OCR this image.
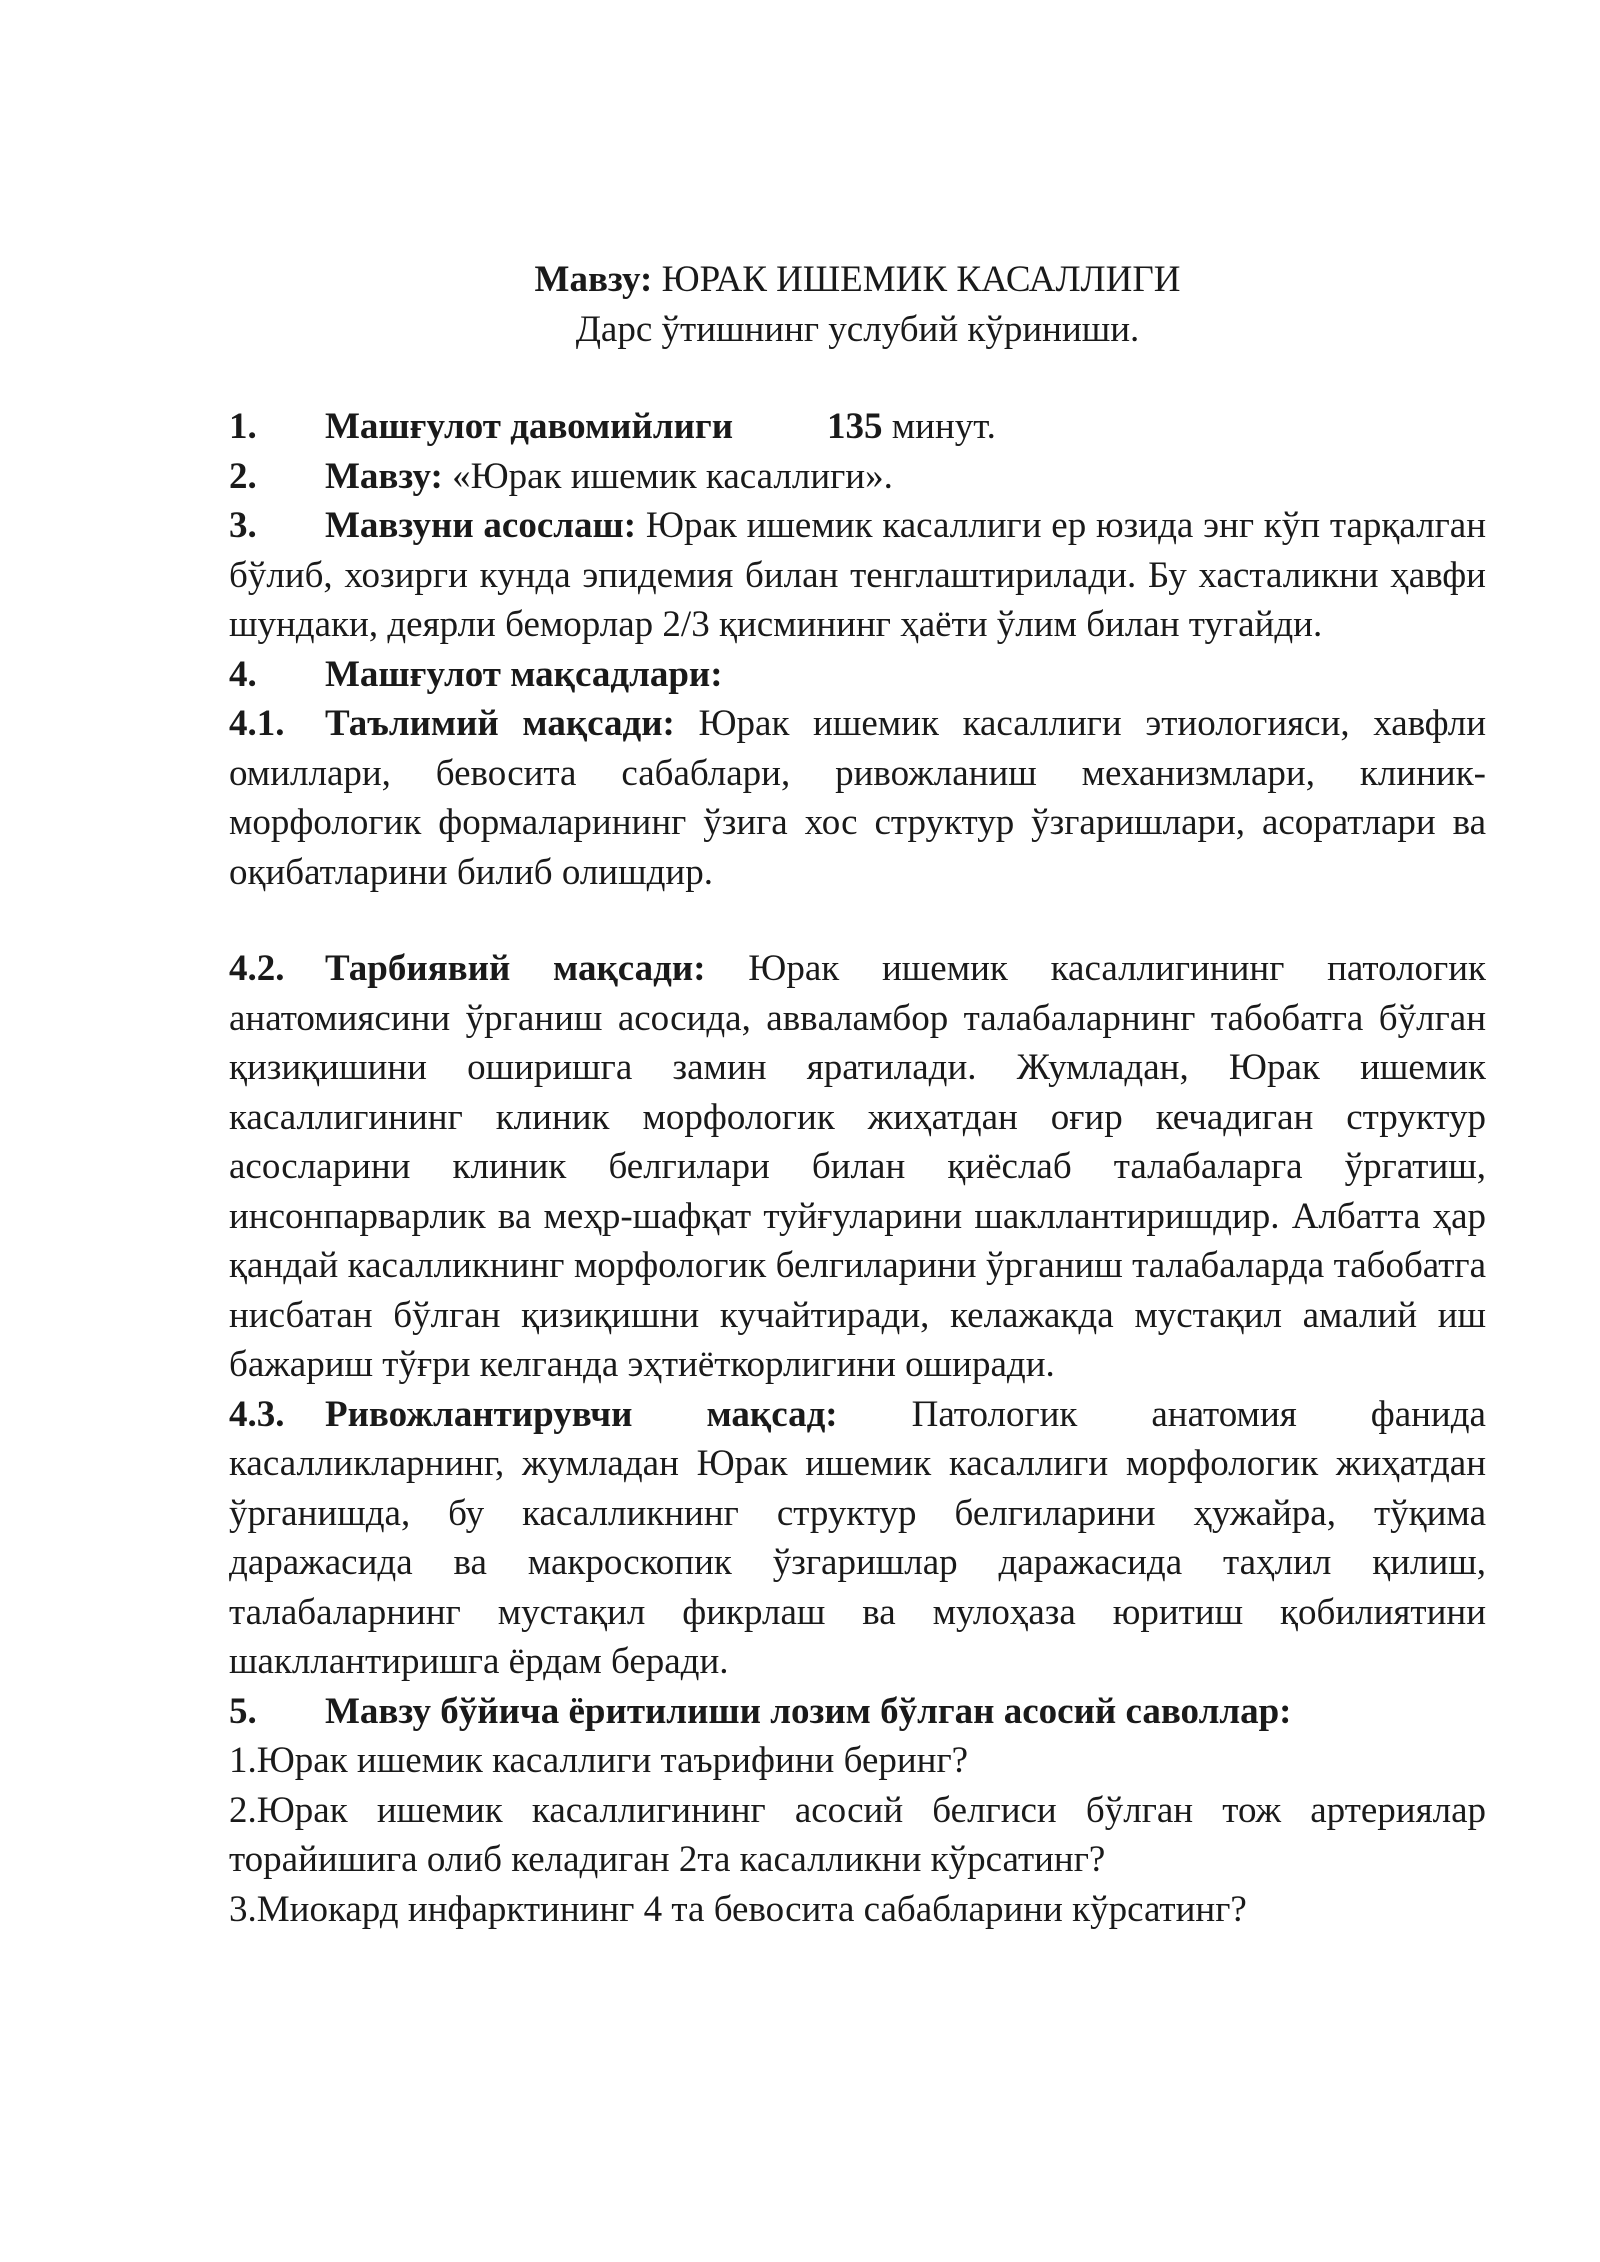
Мавзу: ЮРАК ИШЕМИК КАСАЛЛИГИ
Дарс ўтишнинг услубий кўриниши.
1.	Машғулот давомийлиги	135 минут.
2.	Мавзу: «Юрак ишемик касаллиги».
3. Мавзуни асослаш: Юрак ишемик касаллиги ер юзида энг кўп тарқалган бўлиб, хозирги кунда эпидемия билан тенглаштирилади. Бу хасталикни ҳавфи шундаки, деярли беморлар 2/3 қисмининг ҳаёти ўлим билан тугайди.
4.	Машғулот мақсадлари:
4.1. Таълимий мақсади: Юрак ишемик касаллиги этиологияси, хавфли омиллари, бевосита сабаблари, ривожланиш механизмлари, клиник-морфологик формаларининг ўзига хос структур ўзгаришлари, асоратлари ва оқибатларини билиб олишдир.
4.2. Тарбиявий мақсади: Юрак ишемик касаллигининг патологик анатомиясини ўрганиш асосида, аввaламбор талабаларнинг табобатга бўлган қизиқишини оширишга замин яратилади. Жумладан, Юрак ишемик касаллигининг клиник морфологик жиҳатдан оғир кечадиган структур асосларини клиник белгилари билан қиёслаб талабаларга ўргатиш, инсонпарварлик ва меҳр-шафқат туйғуларини шакллантиришдир. Албатта ҳар қандай касалликнинг морфологик белгиларини ўрганиш талабаларда табобатга нисбатан бўлган қизиқишни кучайтиради, келажакда мустақил амалий иш бажариш тўғри келганда эҳтиёткорлигини оширади.
4.3. Ривожлантирувчи мақсад: Патологик анатомия фанида касалликларнинг, жумладан Юрак ишемик касаллиги морфологик жиҳатдан ўрганишда, бу касалликнинг структур белгиларини ҳужайра, тўқима даражасида ва макроскопик ўзгаришлар даражасида таҳлил қилиш, талабаларнинг мустақил фикрлаш ва мулоҳаза юритиш қобилиятини шакллантиришга ёрдам беради.
5.	Мавзу бўйича ёритилиши лозим бўлган асосий саволлар:
1.Юрак ишемик касаллиги таърифини беринг?
2.Юрак ишемик касаллигининг асосий белгиси бўлган тож артериялар торайишига олиб келадиган 2та касалликни кўрсатинг?
3.Миокард инфарктининг 4 та бевосита сабабларини кўрсатинг?
